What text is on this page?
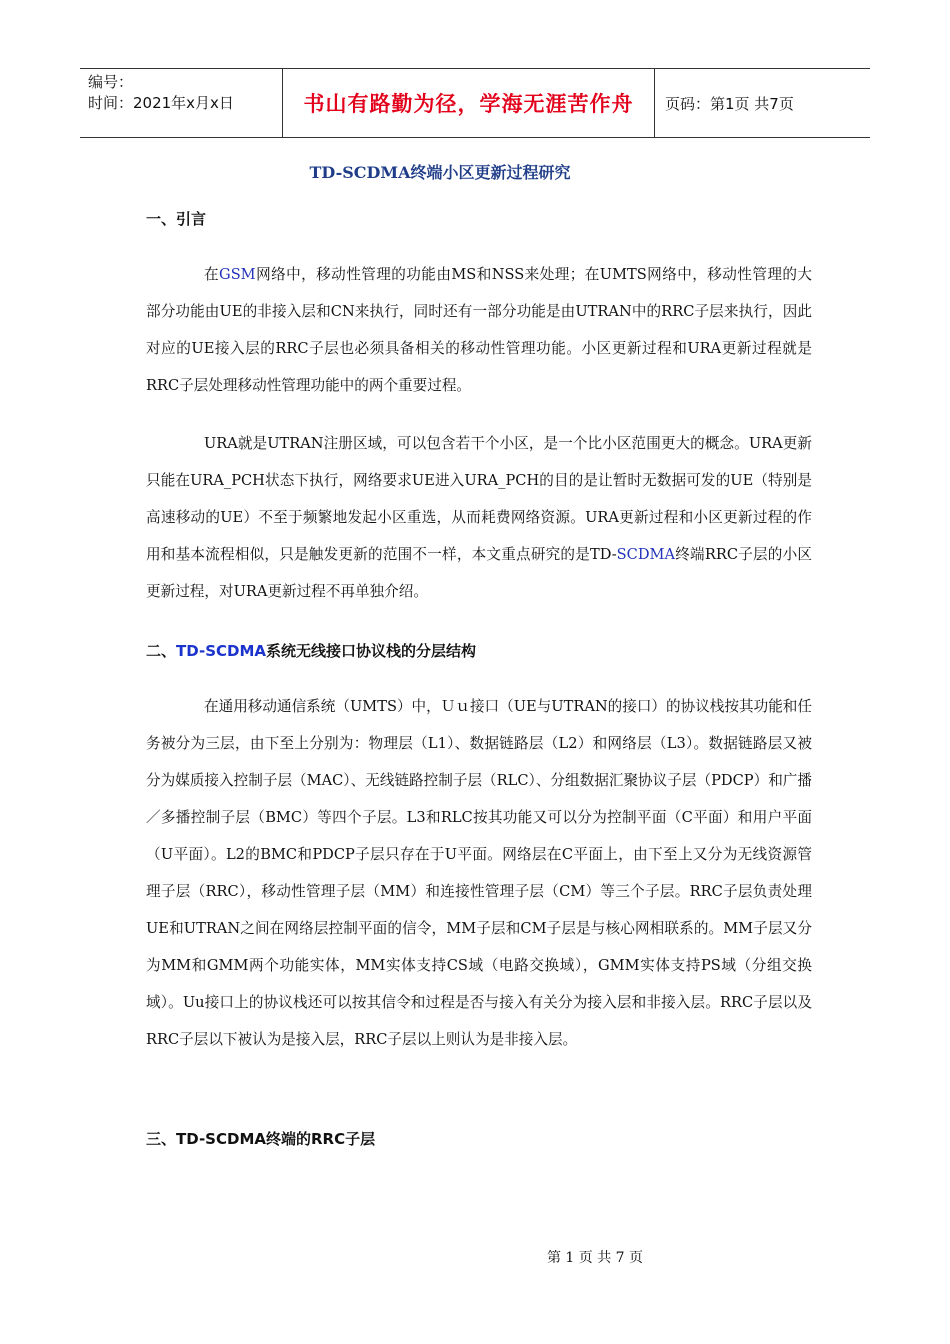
编号：
时间：2021年x月x日	书山有路勤为径，学海无涯苦作舟	页码：第1页 共7页
TD-SCDMA终端小区更新过程研究
一、引言

在GSM网络中，移动性管理的功能由MS和NSS来处理；在UMTS网络中，移动性管理的大部分功能由UE的非接入层和CN来执行，同时还有一部分功能是由UTRAN中的RRC子层来执行，因此对应的UE接入层的RRC子层也必须具备相关的移动性管理功能。小区更新过程和URA更新过程就是RRC子层处理移动性管理功能中的两个重要过程。

URA就是UTRAN注册区域，可以包含若干个小区，是一个比小区范围更大的概念。URA更新只能在URA_PCH状态下执行，网络要求UE进入URA_PCH的目的是让暂时无数据可发的UE（特别是高速移动的UE）不至于频繁地发起小区重选，从而耗费网络资源。URA更新过程和小区更新过程的作用和基本流程相似，只是触发更新的范围不一样，本文重点研究的是TD-SCDMA终端RRC子层的小区更新过程，对URA更新过程不再单独介绍。

二、TD-SCDMA系统无线接口协议栈的分层结构

在通用移动通信系统（UMTS）中，Ｕｕ接口（UE与UTRAN的接口）的协议栈按其功能和任务被分为三层，由下至上分别为：物理层（L1）、数据链路层（L2）和网络层（L3）。数据链路层又被分为媒质接入控制子层（MAC）、无线链路控制子层（RLC）、分组数据汇聚协议子层（PDCP）和广播／多播控制子层（BMC）等四个子层。L3和RLC按其功能又可以分为控制平面（C平面）和用户平面（U平面）。L2的BMC和PDCP子层只存在于U平面。网络层在C平面上，由下至上又分为无线资源管理子层（RRC），移动性管理子层（MM）和连接性管理子层（CM）等三个子层。RRC子层负责处理UE和UTRAN之间在网络层控制平面的信令，MM子层和CM子层是与核心网相联系的。MM子层又分为MM和GMM两个功能实体，MM实体支持CS域（电路交换域），GMM实体支持PS域（分组交换域）。Uu接口上的协议栈还可以按其信令和过程是否与接入有关分为接入层和非接入层。RRC子层以及RRC子层以下被认为是接入层，RRC子层以上则认为是非接入层。

三、TD-SCDMA终端的RRC子层
第 1 页 共 7 页
